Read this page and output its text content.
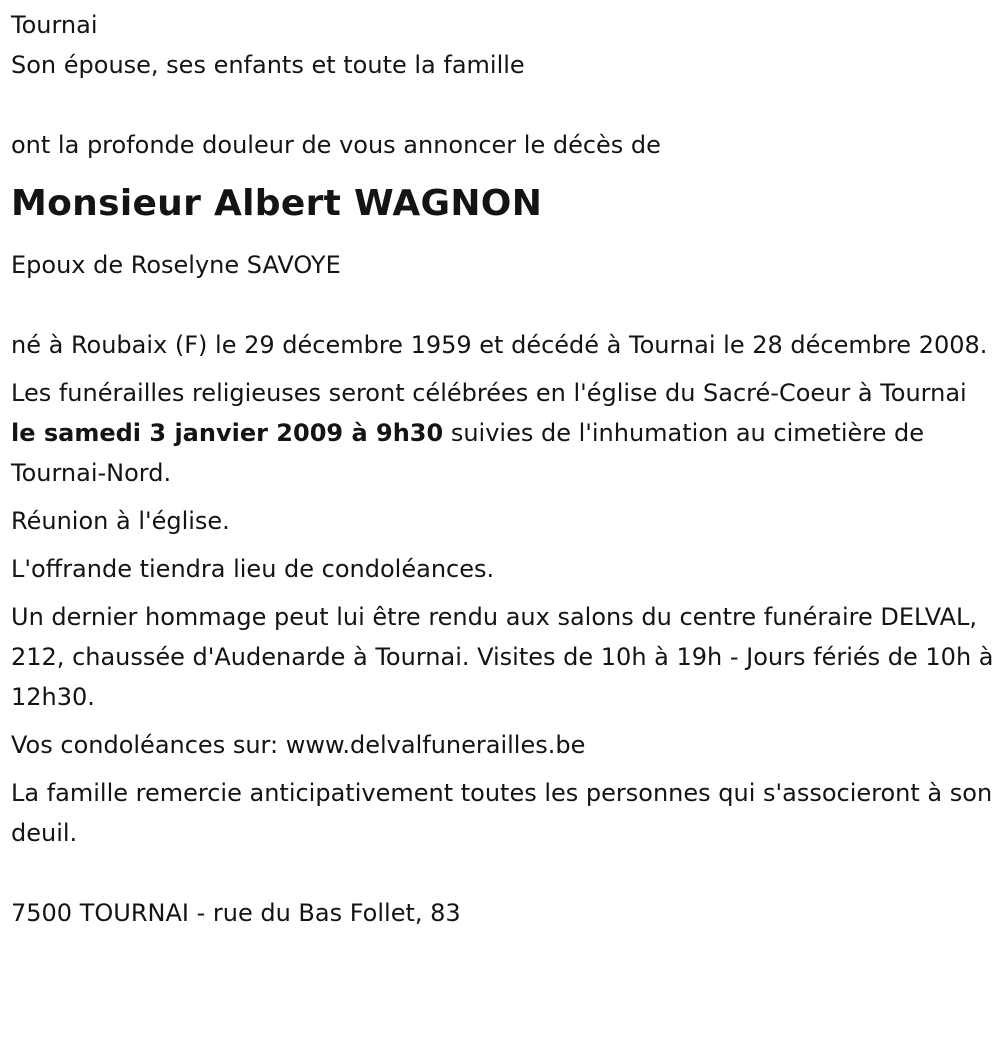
Tournai

Son épouse, ses enfants et toute la famille

ont la profonde douleur de vous annoncer le décès de

Monsieur Albert WAGNON

Epoux de Roselyne SAVOYE

né à Roubaix (F) le 29 décembre 1959 et décédé à Tournai le 28 décembre 2008.

Les funérailles religieuses seront célébrées en l'église du Sacré-Coeur à Tournai le samedi 3 janvier 2009 à 9h30 suivies de l'inhumation au cimetière de Tournai-Nord.

Réunion à l'église.

L'offrande tiendra lieu de condoléances.

Un dernier hommage peut lui être rendu aux salons du centre funéraire DELVAL, 212, chaussée d'Audenarde à Tournai. Visites de 10h à 19h - Jours fériés de 10h à 12h30.

Vos condoléances sur: www.delvalfunerailles.be

La famille remercie anticipativement toutes les personnes qui s'associeront à son deuil.

7500 TOURNAI - rue du Bas Follet, 83
